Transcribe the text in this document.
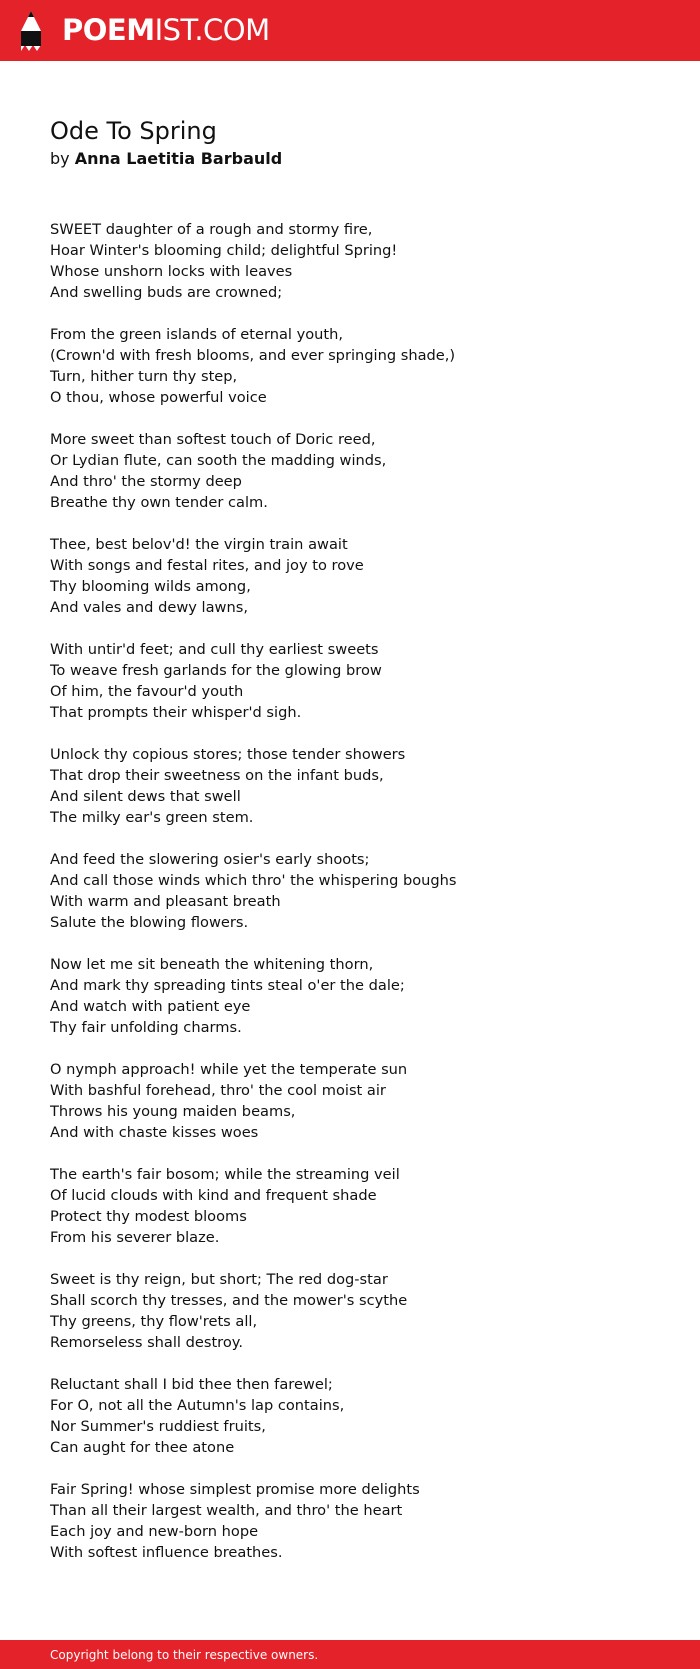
POEMIST.COM
Ode To Spring
by Anna Laetitia Barbauld
SWEET daughter of a rough and stormy fire,
Hoar Winter's blooming child; delightful Spring!
Whose unshorn locks with leaves
And swelling buds are crowned;
From the green islands of eternal youth,
(Crown'd with fresh blooms, and ever springing shade,)
Turn, hither turn thy step,
O thou, whose powerful voice
More sweet than softest touch of Doric reed,
Or Lydian flute, can sooth the madding winds,
And thro' the stormy deep
Breathe thy own tender calm.
Thee, best belov'd! the virgin train await
With songs and festal rites, and joy to rove
Thy blooming wilds among,
And vales and dewy lawns,
With untir'd feet; and cull thy earliest sweets
To weave fresh garlands for the glowing brow
Of him, the favour'd youth
That prompts their whisper'd sigh.
Unlock thy copious stores; those tender showers
That drop their sweetness on the infant buds,
And silent dews that swell
The milky ear's green stem.
And feed the slowering osier's early shoots;
And call those winds which thro' the whispering boughs
With warm and pleasant breath
Salute the blowing flowers.
Now let me sit beneath the whitening thorn,
And mark thy spreading tints steal o'er the dale;
And watch with patient eye
Thy fair unfolding charms.
O nymph approach! while yet the temperate sun
With bashful forehead, thro' the cool moist air
Throws his young maiden beams,
And with chaste kisses woes
The earth's fair bosom; while the streaming veil
Of lucid clouds with kind and frequent shade
Protect thy modest blooms
From his severer blaze.
Sweet is thy reign, but short; The red dog-star
Shall scorch thy tresses, and the mower's scythe
Thy greens, thy flow'rets all,
Remorseless shall destroy.
Reluctant shall I bid thee then farewel;
For O, not all the Autumn's lap contains,
Nor Summer's ruddiest fruits,
Can aught for thee atone
Fair Spring! whose simplest promise more delights
Than all their largest wealth, and thro' the heart
Each joy and new-born hope
With softest influence breathes.
Copyright belong to their respective owners.
